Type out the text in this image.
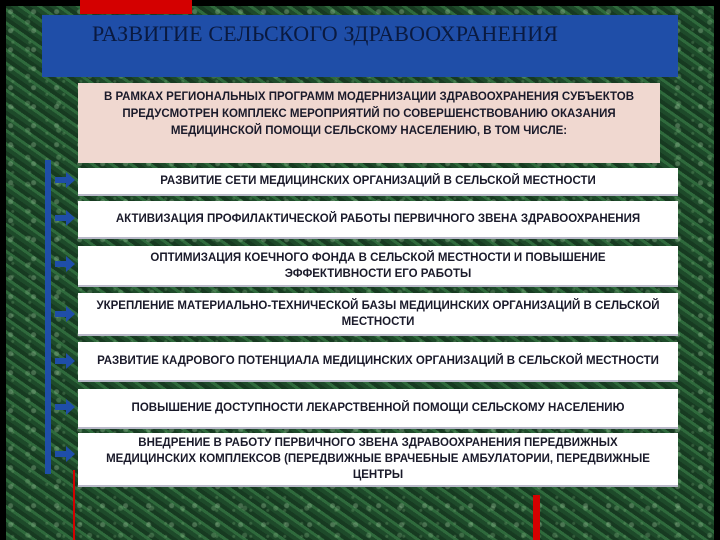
РАЗВИТИЕ СЕЛЬСКОГО ЗДРАВООХРАНЕНИЯ
В РАМКАХ РЕГИОНАЛЬНЫХ ПРОГРАММ МОДЕРНИЗАЦИИ ЗДРАВООХРАНЕНИЯ СУБЪЕКТОВ ПРЕДУСМОТРЕН КОМПЛЕКС МЕРОПРИЯТИЙ ПО СОВЕРШЕНСТВОВАНИЮ ОКАЗАНИЯ МЕДИЦИНСКОЙ ПОМОЩИ СЕЛЬСКОМУ НАСЕЛЕНИЮ, В ТОМ ЧИСЛЕ:
РАЗВИТИЕ СЕТИ МЕДИЦИНСКИХ ОРГАНИЗАЦИЙ В СЕЛЬСКОЙ МЕСТНОСТИ
АКТИВИЗАЦИЯ ПРОФИЛАКТИЧЕСКОЙ РАБОТЫ ПЕРВИЧНОГО ЗВЕНА ЗДРАВООХРАНЕНИЯ
ОПТИМИЗАЦИЯ КОЕЧНОГО ФОНДА В СЕЛЬСКОЙ МЕСТНОСТИ И ПОВЫШЕНИЕ ЭФФЕКТИВНОСТИ ЕГО РАБОТЫ
УКРЕПЛЕНИЕ МАТЕРИАЛЬНО-ТЕХНИЧЕСКОЙ БАЗЫ МЕДИЦИНСКИХ ОРГАНИЗАЦИЙ В СЕЛЬСКОЙ МЕСТНОСТИ
РАЗВИТИЕ КАДРОВОГО ПОТЕНЦИАЛА МЕДИЦИНСКИХ ОРГАНИЗАЦИЙ В СЕЛЬСКОЙ МЕСТНОСТИ
ПОВЫШЕНИЕ ДОСТУПНОСТИ ЛЕКАРСТВЕННОЙ ПОМОЩИ СЕЛЬСКОМУ НАСЕЛЕНИЮ
ВНЕДРЕНИЕ В РАБОТУ ПЕРВИЧНОГО ЗВЕНА ЗДРАВООХРАНЕНИЯ ПЕРЕДВИЖНЫХ МЕДИЦИНСКИХ КОМПЛЕКСОВ (ПЕРЕДВИЖНЫЕ ВРАЧЕБНЫЕ АМБУЛАТОРИИ, ПЕРЕДВИЖНЫЕ ЦЕНТРЫ
